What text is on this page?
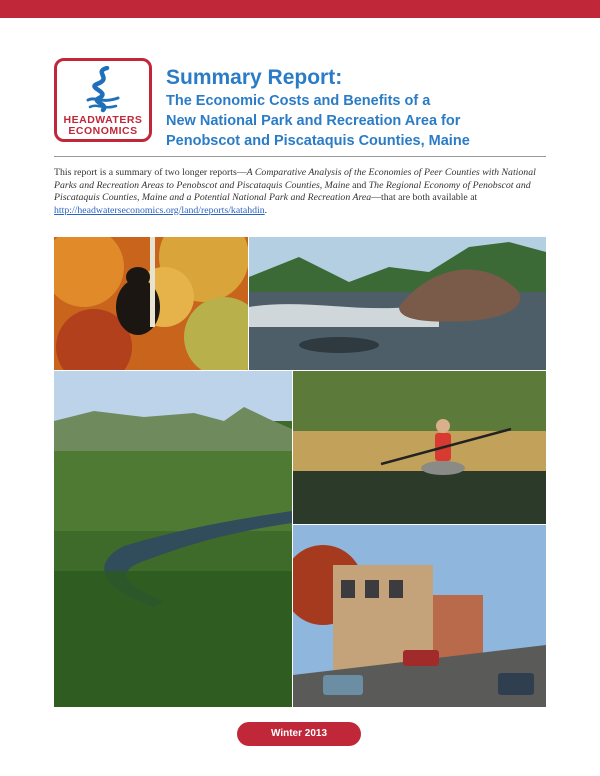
HEADWATERS
ECONOMICS
Summary Report:
The Economic Costs and Benefits of a
New National Park and Recreation Area for
Penobscot and Piscataquis Counties, Maine
This report is a summary of two longer reports—A Comparative Analysis of the Economies of Peer Counties with National Parks and Recreation Areas to Penobscot and Piscataquis Counties, Maine and The Regional Economy of Penobscot and Piscataquis Counties, Maine and a Potential National Park and Recreation Area—that are both available at http://headwaterseconomics.org/land/reports/katahdin.
Winter 2013
